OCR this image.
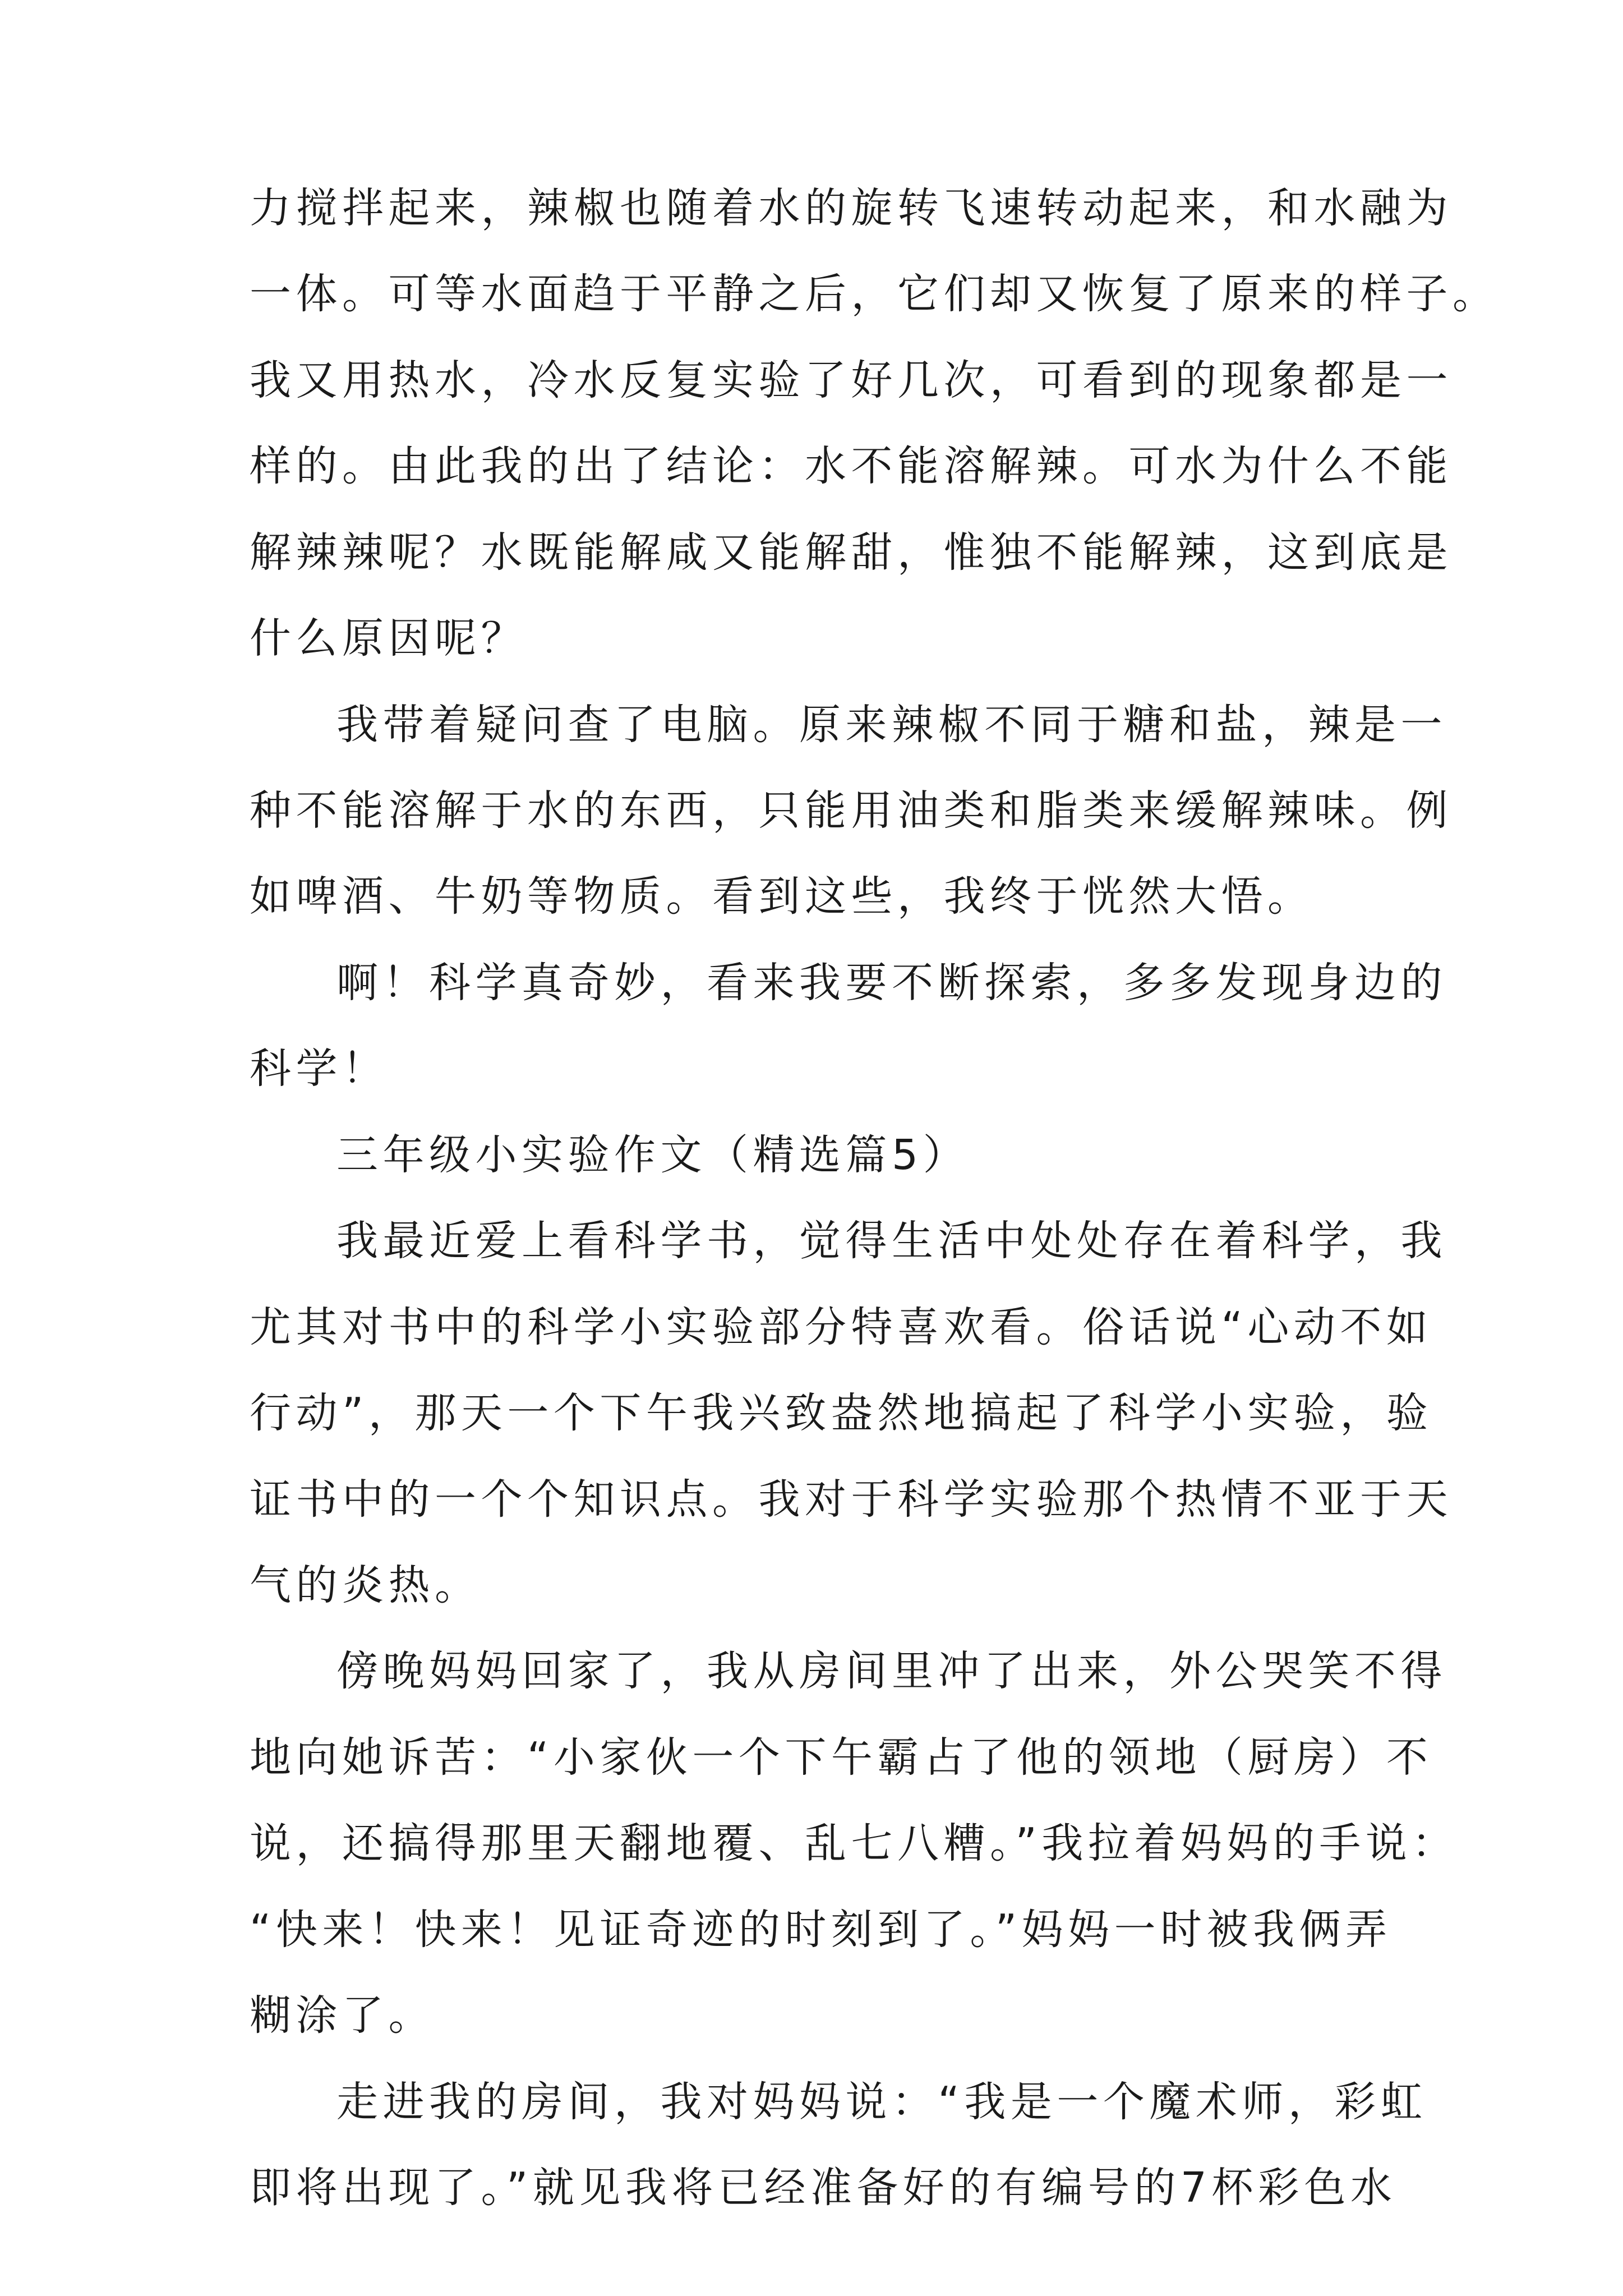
力搅拌起来，辣椒也随着水的旋转飞速转动起来，和水融为
一体。可等水面趋于平静之后，它们却又恢复了原来的样子。
我又用热水，冷水反复实验了好几次，可看到的现象都是一
样的。由此我的出了结论：水不能溶解辣。可水为什么不能
解辣辣呢？水既能解咸又能解甜，惟独不能解辣，这到底是
什么原因呢？
我带着疑问查了电脑。原来辣椒不同于糖和盐，辣是一
种不能溶解于水的东西，只能用油类和脂类来缓解辣味。例
如啤酒、牛奶等物质。看到这些，我终于恍然大悟。
啊！科学真奇妙，看来我要不断探索，多多发现身边的
科学！
三年级小实验作文（精选篇5）
我最近爱上看科学书，觉得生活中处处存在着科学，我
尤其对书中的科学小实验部分特喜欢看。俗话说“心动不如
行动”，那天一个下午我兴致盎然地搞起了科学小实验，验
证书中的一个个知识点。我对于科学实验那个热情不亚于天
气的炎热。
傍晚妈妈回家了，我从房间里冲了出来，外公哭笑不得
地向她诉苦：“小家伙一个下午霸占了他的领地（厨房）不
说，还搞得那里天翻地覆、乱七八糟。”我拉着妈妈的手说：
“快来！快来！见证奇迹的时刻到了。”妈妈一时被我俩弄
糊涂了。
走进我的房间，我对妈妈说：“我是一个魔术师，彩虹
即将出现了。”就见我将已经准备好的有编号的7杯彩色水
